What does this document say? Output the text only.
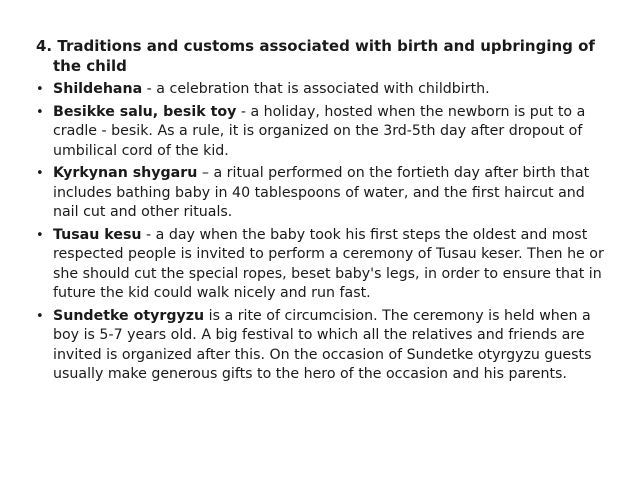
4. Traditions and customs associated with birth and upbringing of the child
• Shildehana - a celebration that is associated with childbirth.
• Besikke salu, besik toy - a holiday, hosted when the newborn is put to a cradle - besik. As a rule, it is organized on the 3rd-5th day after dropout of umbilical cord of the kid.
• Kyrkynan shygaru – a ritual performed on the fortieth day after birth that includes bathing baby in 40 tablespoons of water, and the first haircut and nail cut and other rituals.
• Tusau kesu - a day when the baby took his first steps the oldest and most respected people is invited to perform a ceremony of Tusau keser. Then he or she should cut the special ropes, beset baby's legs, in order to ensure that in future the kid could walk nicely and run fast.
• Sundetke otyrgyzu is a rite of circumcision. The ceremony is held when a boy is 5-7 years old. A big festival to which all the relatives and friends are invited is organized after this. On the occasion of Sundetke otyrgyzu guests usually make generous gifts to the hero of the occasion and his parents.
